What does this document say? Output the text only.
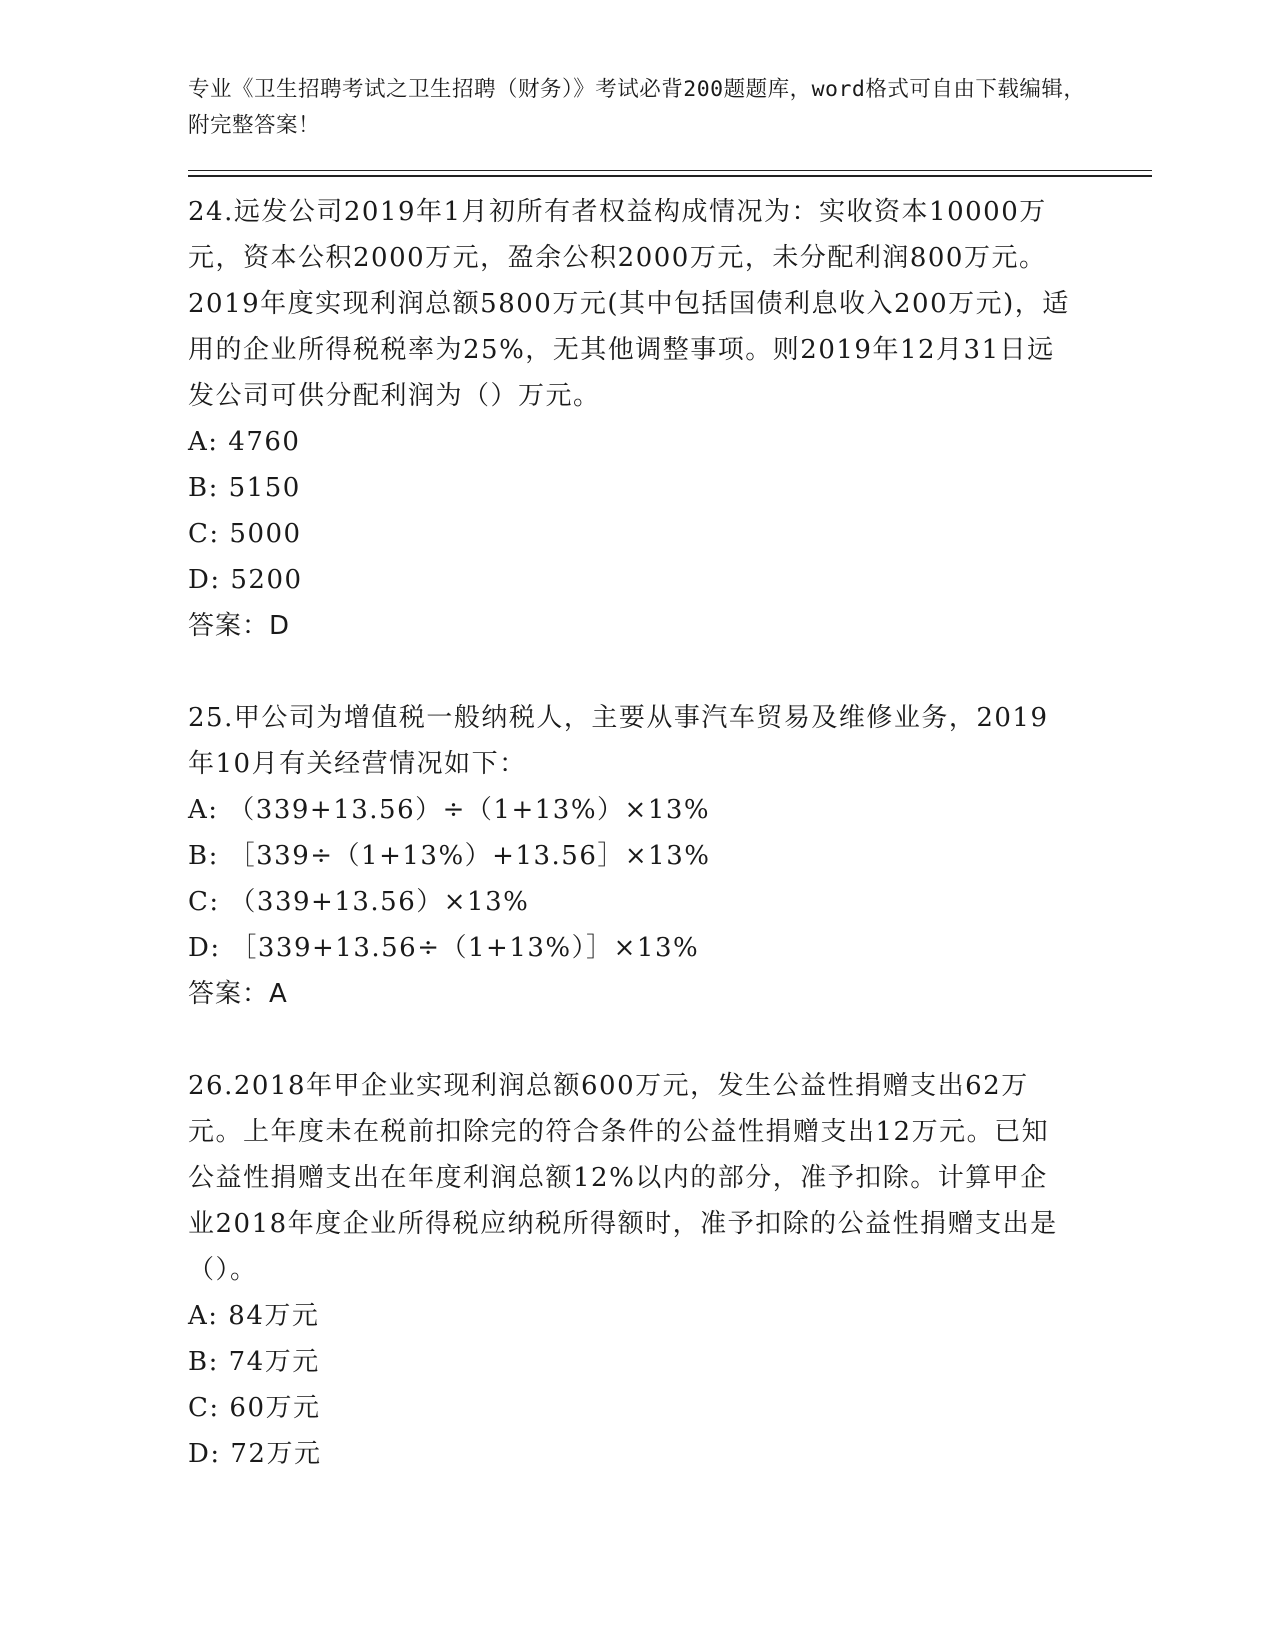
专业《卫生招聘考试之卫生招聘（财务）》考试必背200题题库，word格式可自由下载编辑，附完整答案！

24.远发公司2019年1月初所有者权益构成情况为：实收资本10000万元，资本公积2000万元，盈余公积2000万元，未分配利润800万元。2019年度实现利润总额5800万元(其中包括国债利息收入200万元)，适用的企业所得税税率为25%，无其他调整事项。则2019年12月31日远发公司可供分配利润为（）万元。

A: 4760

B: 5150

C: 5000

D: 5200

答案：D

25.甲公司为增值税一般纳税人，主要从事汽车贸易及维修业务，2019年10月有关经营情况如下：

A: （339+13.56）÷（1+13%）×13%

B: ［339÷（1+13%）+13.56］×13%

C: （339+13.56）×13%

D: ［339+13.56÷（1+13%）］×13%

答案：A

26.2018年甲企业实现利润总额600万元，发生公益性捐赠支出62万元。上年度未在税前扣除完的符合条件的公益性捐赠支出12万元。已知公益性捐赠支出在年度利润总额12%以内的部分，准予扣除。计算甲企业2018年度企业所得税应纳税所得额时，准予扣除的公益性捐赠支出是（）。

A: 84万元

B: 74万元

C: 60万元

D: 72万元
